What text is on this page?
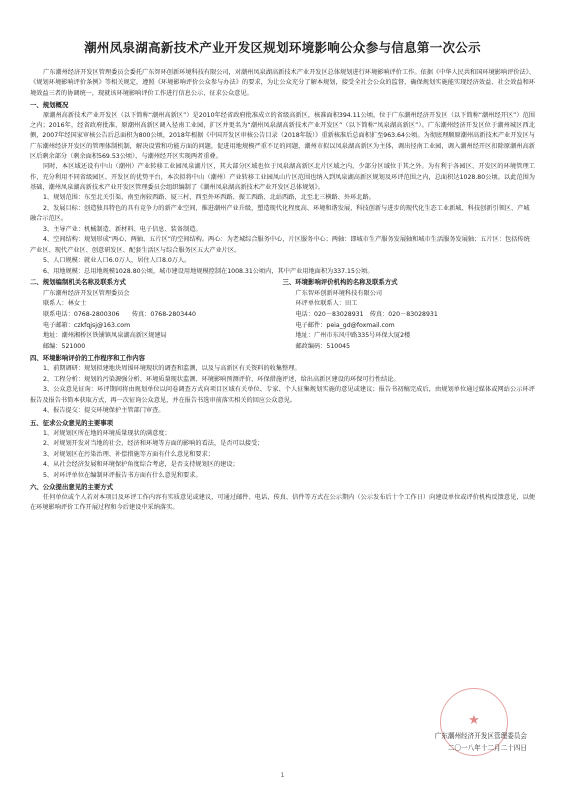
潮州凤泉湖高新技术产业开发区规划环境影响公众参与信息第一次公示

广东潮州经济开发区管理委员会委托广东智环创新环境科技有限公司，对潮州凤泉湖高新技术产业开发区总体规划进行环境影响评价工作。依据《中华人民共和国环境影响评价法》、《规划环境影响评价条例》等相关规定，遵照《环境影响评价公众参与办法》的要求，为让公众充分了解本规划，接受全社会公众的监督，确保规划实施能实现经济效益、社会效益和环境效益三者的协调统一，现就该环境影响评价工作进行信息公示，征求公众意见。

一、规划概况

原潮州高新技术产业开发区（以下简称“潮州高新区”）是2010年经省政府批准成立的省级高新区，核准面积394.11公顷，位于广东潮州经济开发区（以下简称“潮州经开区”）范围之内；2016年，经省政府批准，原潮州高新区调入径南工业园，扩区并更名为“潮州凤泉湖高新技术产业开发区”（以下简称“凤泉湖高新区”）。广东潮州经济开发区位于潮州城区西北侧，2007年经国家审核公告后总面积为800公顷，2018年根据《中国开发区审核公告目录（2018年版）》重新核准后总面积扩至963.64公顷。为彻底理顺原潮州高新技术产业开发区与广东潮州经济开发区的管理体制机制，解决设置和功能方面的问题，促进用地规模严重不足的问题，潮州市拟以凤泉湖高新区为主体，调出径南工业园，调入潮州经开区扣除原潮州高新区后剩余部分（剩余面积569.53公顷），与潮州经开区实现两者重叠。

同时，本区域还设有中山（潮州）产业转移工业园凤泉湖片区，其大部分区域也位于凤泉湖高新区北片区域之内，少部分区域位于其之外。为有利于各园区、开发区的环境管理工作，充分利用不同省级园区、开发区的优势平台，本次拟将中山（潮州）产业转移工业园凤山片区范围也纳入到凤泉湖高新区规划及环评范围之内，总面积达1028.80公顷。以此范围为基础，潮州凤泉湖高新技术产业开发区管理委员会组织编制了《潮州凤泉湖高新技术产业开发区总体规划》。

1、规划范围：东至北关引渠，南至南较西路、厦三村、西至外环西路、振工西路、北站西路，北至北三横路、外环北路。
2、发展目标：创造独具特色的具有竞争力的新产业空间，推进潮州产业升级，塑造现代化程度高、环境和谐发展，科技创新与进步的现代化生态工业新城、科技创新引领区、产城融合示范区。
3、主导产业：机械制造、新材料、电子信息、装备制造。
4、空间结构：规划形成“两心、两轴、五片区”的空间结构。两心：为老城综合服务中心，片区服务中心；两轴：即城市生产服务发展轴和城市生活服务发展轴；五片区：包括传统产业区、现代产业区、创意研发区、配套生活区与综合服务区五大产业片区。
5、人口规模：就业人口6.0万人，居住人口8.0万人。
6、用地规模：总用地规模1028.80公顷，城市建设用地规模控制在1008.31公顷内，其中产业用地面积为337.15公顷。
二、规划编制机关名称及联系方式
广东潮州经济开发区管理委员会
联系人：林女士
联系电话：0768-2800306　　传真：0768-2803440
电子邮箱：czkfqjsj@163.com
地址：潮州湘桥区铁铺镇凤泉湖高新区规建局
邮编：521000
三、环境影响评价机构的名称及联系方式
广东智环创新环境科技有限公司
环评单位联系人：田工
电话：020－83028931　传真：020－83028931
电子邮件：peia_gd@foxmail.com
地址：广州市东风中路335号环保大厦2楼
邮政编码：510045
四、环境影响评价的工作程序和工作内容
1、前期调研：规划拟建地块周围环境现状的调查和监测，以及与高新区有关资料的收集整理。
2、工程分析：规划的污染源强分析、环境质量现状监测、环境影响预测评价、环保措施评述，给出高新区建设的环保可行性结论。

3、公众意见征询：环评期间将由规划单位以问卷调查方式向项目区域有关单位、专家、个人征集规划实施的意见或建议；报告书初稿完成后，由规划单位通过媒体或网站公示环评报告及报告书简本获取方式，再一次征询公众意见，并在报告书选审前落实相关的回应公众意见。

4、报告提交：提交环境保护主管部门审查。
五、征求公众意见的主要事项
1、对规划区所在地的环境质量现状的满意度；
2、对规划开发对当地的社会、经济和环境等方面的影响的看法，是否可以接受；
3、对规划区在污染治理、补偿措施等方面有什么意见和要求；
4、从社会经济发展和环境保护角度综合考虑，是否支持规划区的建设；
5、对环评单位在编制环评报告书方面有什么意见和要求。
六、公众提出意见的主要方式

任何单位或个人若对本项目及环评工作内容有实质意见或建议，可通过邮件、电话、传真、信件等方式在公示期内（公示发布后十个工作日）向建设单位或评价机构反馈意见，以便在环境影响评价工作开展过程和今后建设中采纳落实。

★
广东潮州经济开发区管理委员会
二〇一八年十二月二十四日
1
